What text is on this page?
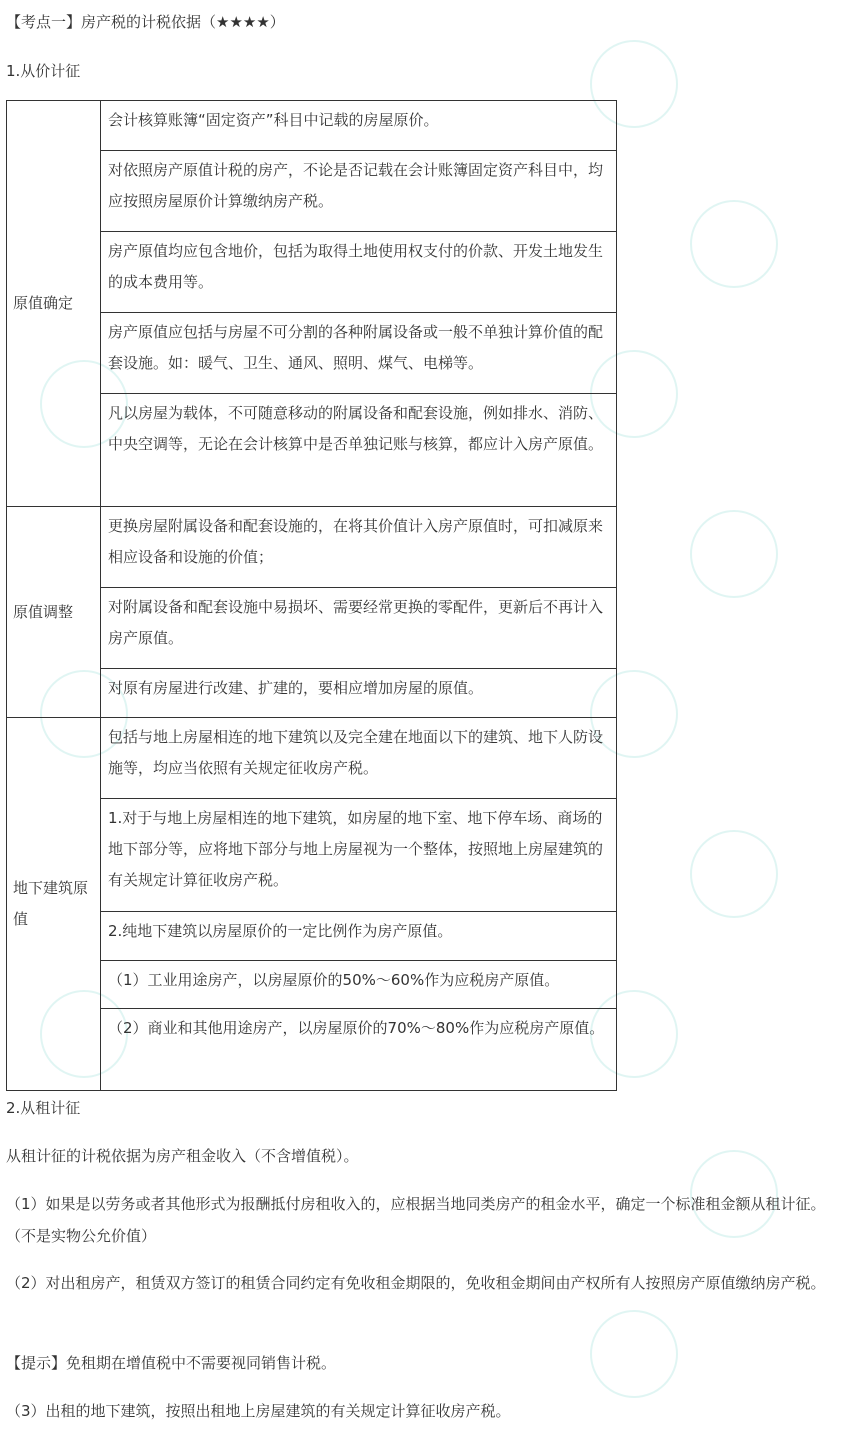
【考点一】房产税的计税依据（★★★★）

1.从价计征

原值确定	会计核算账簿“固定资产”科目中记载的房屋原价。
	对依照房产原值计税的房产，不论是否记载在会计账簿固定资产科目中，均应按照房屋原价计算缴纳房产税。
	房产原值均应包含地价，包括为取得土地使用权支付的价款、开发土地发生的成本费用等。
	房产原值应包括与房屋不可分割的各种附属设备或一般不单独计算价值的配套设施。如：暖气、卫生、通风、照明、煤气、电梯等。
	凡以房屋为载体，不可随意移动的附属设备和配套设施，例如排水、消防、中央空调等，无论在会计核算中是否单独记账与核算，都应计入房产原值。
原值调整	更换房屋附属设备和配套设施的，在将其价值计入房产原值时，可扣减原来相应设备和设施的价值；
	对附属设备和配套设施中易损坏、需要经常更换的零配件，更新后不再计入房产原值。
	对原有房屋进行改建、扩建的，要相应增加房屋的原值。
地下建筑原值	包括与地上房屋相连的地下建筑以及完全建在地面以下的建筑、地下人防设施等，均应当依照有关规定征收房产税。
	1.对于与地上房屋相连的地下建筑，如房屋的地下室、地下停车场、商场的地下部分等，应将地下部分与地上房屋视为一个整体，按照地上房屋建筑的有关规定计算征收房产税。
	2.纯地下建筑以房屋原价的一定比例作为房产原值。
	（1）工业用途房产，以房屋原价的50%～60%作为应税房产原值。
	（2）商业和其他用途房产，以房屋原价的70%～80%作为应税房产原值。

2.从租计征

从租计征的计税依据为房产租金收入（不含增值税）。

（1）如果是以劳务或者其他形式为报酬抵付房租收入的，应根据当地同类房产的租金水平，确定一个标准租金额从租计征。（不是实物公允价值）

（2）对出租房产，租赁双方签订的租赁合同约定有免收租金期限的，免收租金期间由产权所有人按照房产原值缴纳房产税。

【提示】免租期在增值税中不需要视同销售计税。

（3）出租的地下建筑，按照出租地上房屋建筑的有关规定计算征收房产税。
